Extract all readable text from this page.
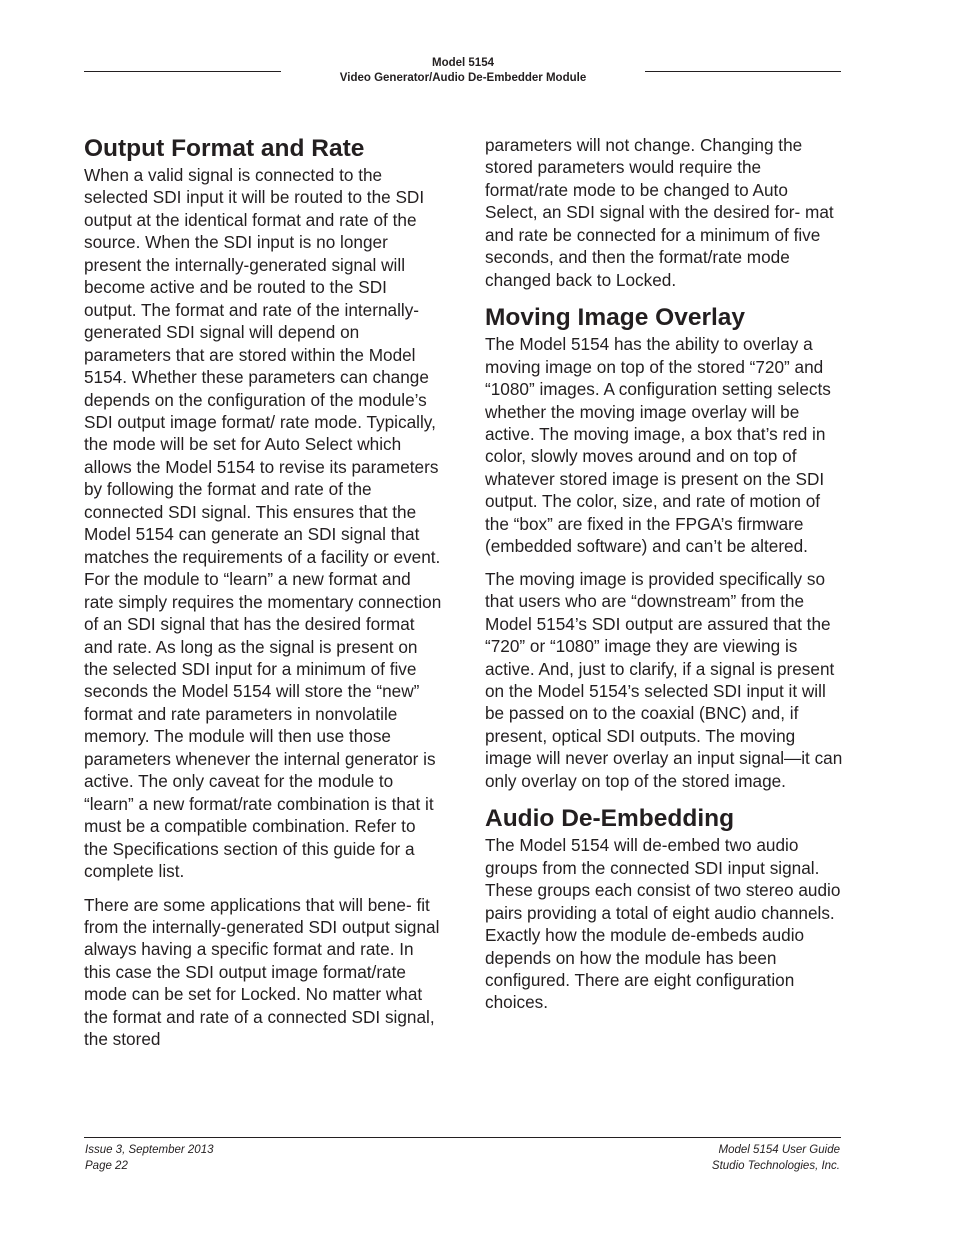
Model 5154
Video Generator/Audio De-Embedder Module
Output Format and Rate

When a valid signal is connected to the selected SDI input it will be routed to the SDI output at the identical format and rate of the source. When the SDI input is no longer present the internally-generated signal will become active and be routed to the SDI output. The format and rate of the internally-generated SDI signal will depend on parameters that are stored within the Model 5154. Whether these parameters can change depends on the configuration of the module’s SDI output image format/ rate mode. Typically, the mode will be set for Auto Select which allows the Model 5154 to revise its parameters by following the format and rate of the connected SDI signal. This ensures that the Model 5154 can generate an SDI signal that matches the requirements of a facility or event.

For the module to “learn” a new format and rate simply requires the momentary connection of an SDI signal that has the desired format and rate. As long as the signal is present on the selected SDI input for a minimum of five seconds the Model 5154 will store the “new” format and rate parameters in nonvolatile memory. The module will then use those parameters whenever the internal generator is active. The only caveat for the module to “learn” a new format/rate combination is that it must be a compatible combination. Refer to the Specifications section of this guide for a complete list.

There are some applications that will bene- fit from the internally-generated SDI output signal always having a specific format and rate. In this case the SDI output image format/rate mode can be set for Locked. No matter what the format and rate of a connected SDI signal, the stored

parameters will not change. Changing the stored parameters would require the format/rate mode to be changed to Auto Select, an SDI signal with the desired for- mat and rate be connected for a minimum of five seconds, and then the format/rate mode changed back to Locked.

Moving Image Overlay

The Model 5154 has the ability to overlay a moving image on top of the stored “720” and “1080” images. A configuration setting selects whether the moving image overlay will be active. The moving image, a box that’s red in color, slowly moves around and on top of whatever stored image is present on the SDI output. The color, size, and rate of motion of the “box” are fixed in the FPGA’s firmware (embedded software) and can’t be altered.

The moving image is provided specifically so that users who are “downstream” from the Model 5154’s SDI output are assured that the “720” or “1080” image they are viewing is active. And, just to clarify, if a signal is present on the Model 5154’s selected SDI input it will be passed on to the coaxial (BNC) and, if present, optical SDI outputs. The moving image will never overlay an input signal—it can only overlay on top of the stored image.

Audio De-Embedding

The Model 5154 will de-embed two audio groups from the connected SDI input signal. These groups each consist of two stereo audio pairs providing a total of eight audio channels. Exactly how the module de-embeds audio depends on how the module has been configured. There are eight configuration choices.

Issue 3, September 2013
Page 22
Model 5154 User Guide
Studio Technologies, Inc.
